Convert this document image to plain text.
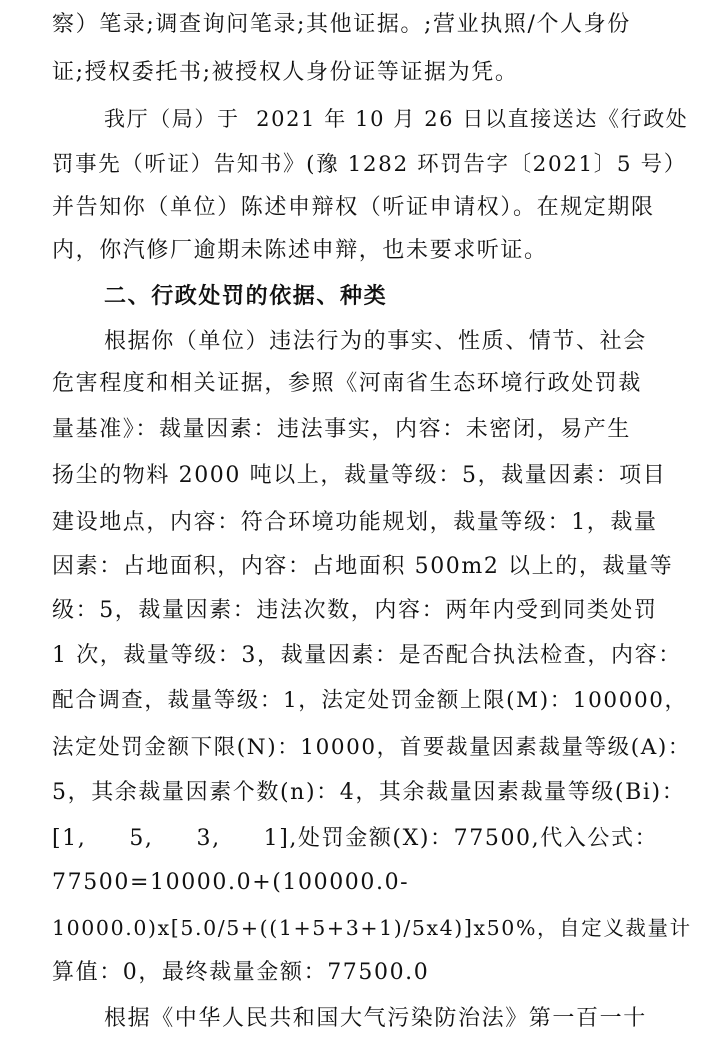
察）笔录;调查询问笔录;其他证据。;营业执照/个人身份
证;授权委托书;被授权人身份证等证据为凭。
我厅（局）于  2021 年 10 月 26 日以直接送达《行政处
罚事先（听证）告知书》(豫 1282 环罚告字〔2021〕5 号）
并告知你（单位）陈述申辩权（听证申请权）。在规定期限
内，你汽修厂逾期未陈述申辩，也未要求听证。
二、行政处罚的依据、种类
根据你（单位）违法行为的事实、性质、情节、社会
危害程度和相关证据，参照《河南省生态环境行政处罚裁
量基准》：裁量因素：违法事实，内容：未密闭，易产生
扬尘的物料 2000 吨以上，裁量等级：5，裁量因素：项目
建设地点，内容：符合环境功能规划，裁量等级：1，裁量
因素：占地面积，内容：占地面积 500m2 以上的，裁量等
级：5，裁量因素：违法次数，内容：两年内受到同类处罚
1 次，裁量等级：3，裁量因素：是否配合执法检查，内容：
配合调查，裁量等级：1，法定处罚金额上限(M)：100000，
法定处罚金额下限(N)：10000，首要裁量因素裁量等级(A)：
5，其余裁量因素个数(n)：4，其余裁量因素裁量等级(Bi)：
[1,     5,     3,     1],处罚金额(X)：77500,代入公式：
77500=10000.0+(100000.0-
10000.0)x[5.0/5+((1+5+3+1)/5x4)]x50%，自定义裁量计
算值：0，最终裁量金额：77500.0
根据《中华人民共和国大气污染防治法》第一百一十
